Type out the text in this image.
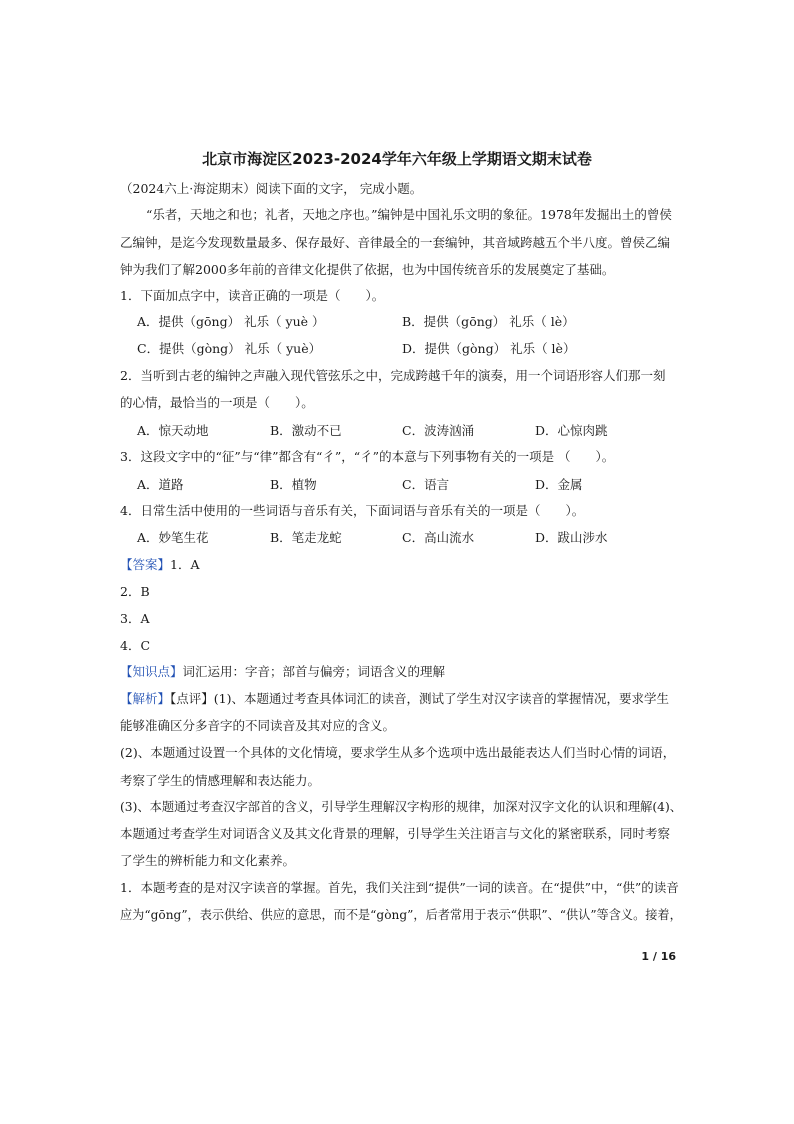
北京市海淀区2023-2024学年六年级上学期语文期末试卷
（2024六上·海淀期末）阅读下面的文字， 完成小题。
“乐者，天地之和也；礼者，天地之序也。”编钟是中国礼乐文明的象征。1978年发掘出土的曾侯
乙编钟，是迄今发现数量最多、保存最好、音律最全的一套编钟，其音域跨越五个半八度。曾侯乙编
钟为我们了解2000多年前的音律文化提供了依据，也为中国传统音乐的发展奠定了基础。
1．下面加点字中，读音正确的一项是（　　）。
A．提供（gōng） 礼乐（ yuè ）	B．提供（gōng） 礼乐（ lè）
C．提供（gòng） 礼乐（ yuè）	D．提供（gòng） 礼乐（ lè）
2．当听到古老的编钟之声融入现代管弦乐之中，完成跨越千年的演奏，用一个词语形容人们那一刻
的心情，最恰当的一项是（　　）。
A．惊天动地	B．激动不已	C．波涛汹涌	D．心惊肉跳
3．这段文字中的“征”与“律”都含有“彳”，“彳”的本意与下列事物有关的一项是 （　　）。
A．道路	B．植物	C．语言	D．金属
4．日常生活中使用的一些词语与音乐有关，下面词语与音乐有关的一项是（　　）。
A．妙笔生花	B．笔走龙蛇	C．高山流水	D．跋山涉水
【答案】1．A
2．B
3．A
4．C
【知识点】词汇运用：字音；部首与偏旁；词语含义的理解
【解析】【点评】(1)、本题通过考查具体词汇的读音，测试了学生对汉字读音的掌握情况，要求学生
能够准确区分多音字的不同读音及其对应的含义。
(2)、本题通过设置一个具体的文化情境，要求学生从多个选项中选出最能表达人们当时心情的词语，
考察了学生的情感理解和表达能力。
(3)、本题通过考查汉字部首的含义，引导学生理解汉字构形的规律，加深对汉字文化的认识和理解(4)、
本题通过考查学生对词语含义及其文化背景的理解，引导学生关注语言与文化的紧密联系，同时考察
了学生的辨析能力和文化素养。
1．本题考查的是对汉字读音的掌握。首先，我们关注到“提供”一词的读音。在“提供”中，“供”的读音
应为“gōng”，表示供给、供应的意思，而不是“gòng”，后者常用于表示“供职”、“供认”等含义。接着，
1 / 16
